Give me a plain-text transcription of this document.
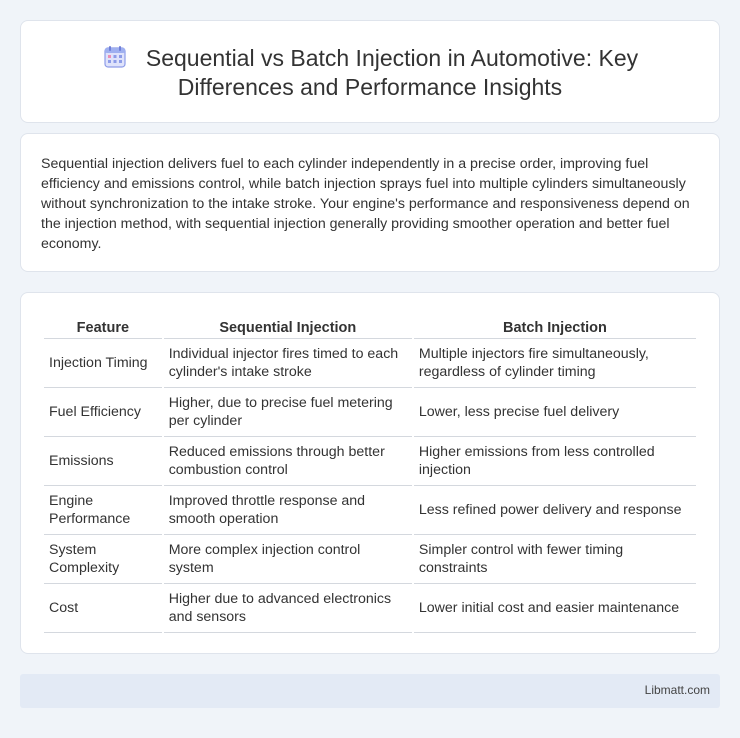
Sequential vs Batch Injection in Automotive: Key
Differences and Performance Insights

Sequential injection delivers fuel to each cylinder independently in a precise order, improving fuel efficiency and emissions control, while batch injection sprays fuel into multiple cylinders simultaneously without synchronization to the intake stroke. Your engine's performance and responsiveness depend on the injection method, with sequential injection generally providing smoother operation and better fuel economy.

Feature	Sequential Injection	Batch Injection
Injection Timing	Individual injector fires timed to each cylinder's intake stroke	Multiple injectors fire simultaneously, regardless of cylinder timing
Fuel Efficiency	Higher, due to precise fuel metering per cylinder	Lower, less precise fuel delivery
Emissions	Reduced emissions through better combustion control	Higher emissions from less controlled injection
Engine Performance	Improved throttle response and smooth operation	Less refined power delivery and response
System Complexity	More complex injection control system	Simpler control with fewer timing constraints
Cost	Higher due to advanced electronics and sensors	Lower initial cost and easier maintenance
Libmatt.com
